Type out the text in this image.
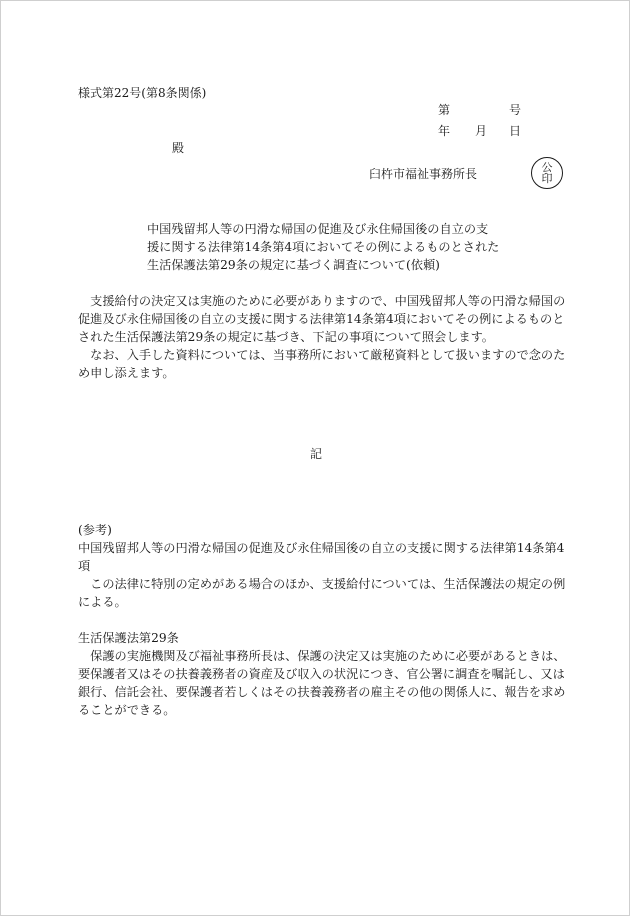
様式第22号(第8条関係)
第	号
年 月 日
殿
臼杵市福祉事務所長	公
印
中国残留邦人等の円滑な帰国の促進及び永住帰国後の自立の支
援に関する法律第14条第4項においてその例によるものとされた
生活保護法第29条の規定に基づく調査について(依頼)
　支援給付の決定又は実施のために必要がありますので、中国残留邦人等の円滑な帰国の
促進及び永住帰国後の自立の支援に関する法律第14条第4項においてその例によるものと
された生活保護法第29条の規定に基づき、下記の事項について照会します。
　なお、入手した資料については、当事務所において厳秘資料として扱いますので念のた
め申し添えます。
記
(参考)
中国残留邦人等の円滑な帰国の促進及び永住帰国後の自立の支援に関する法律第14条第4
項
　この法律に特別の定めがある場合のほか、支援給付については、生活保護法の規定の例
による。
生活保護法第29条
　保護の実施機関及び福祉事務所長は、保護の決定又は実施のために必要があるときは、
要保護者又はその扶養義務者の資産及び収入の状況につき、官公署に調査を嘱託し、又は
銀行、信託会社、要保護者若しくはその扶養義務者の雇主その他の関係人に、報告を求め
ることができる。
